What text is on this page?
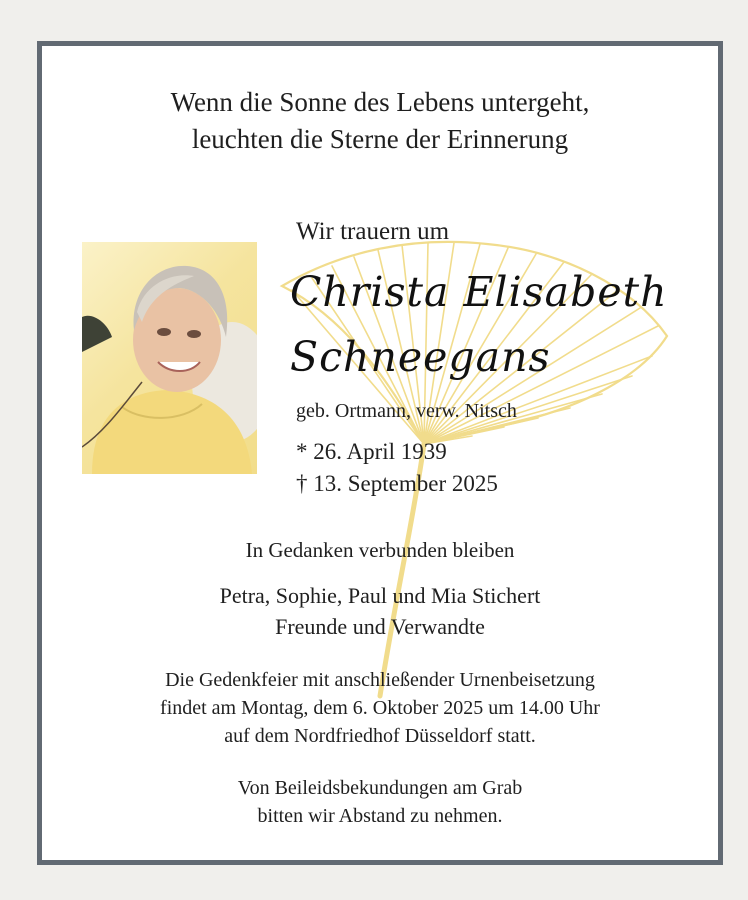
Wenn die Sonne des Lebens untergeht,
leuchten die Sterne der Erinnerung
Wir trauern um
Christa Elisabeth
Schneegans
geb. Ortmann, verw. Nitsch
* 26. April 1939
† 13. September 2025
In Gedanken verbunden bleiben
Petra, Sophie, Paul und Mia Stichert
Freunde und Verwandte
Die Gedenkfeier mit anschließender Urnenbeisetzung
findet am Montag, dem 6. Oktober 2025 um 14.00 Uhr
auf dem Nordfriedhof Düsseldorf statt.
Von Beileidsbekundungen am Grab
bitten wir Abstand zu nehmen.
